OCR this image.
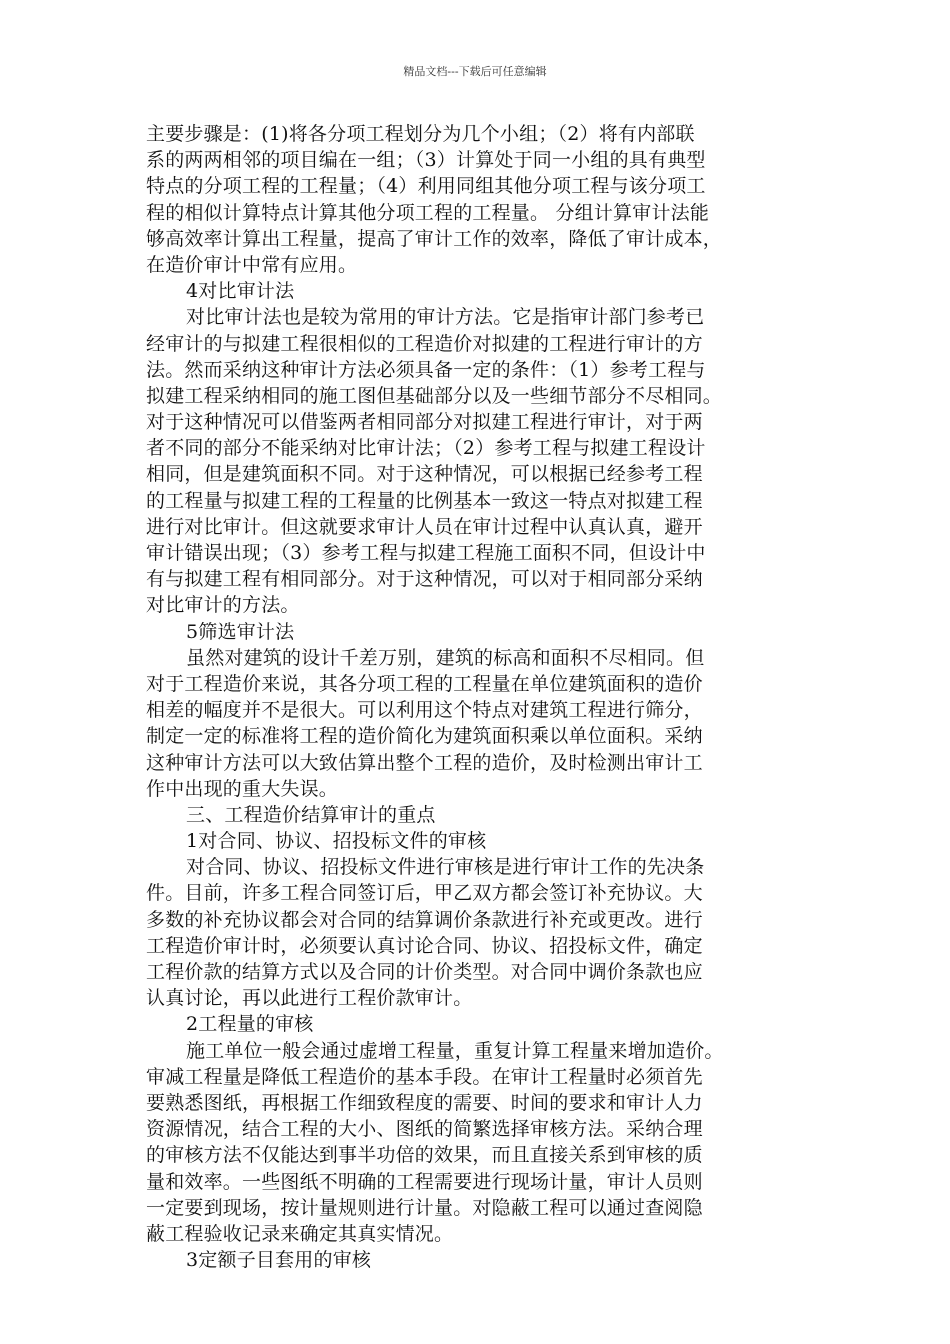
精品文档---下载后可任意编辑
主要步骤是：(1)将各分项工程划分为几个小组；（2）将有内部联
系的两两相邻的项目编在一组；（3）计算处于同一小组的具有典型
特点的分项工程的工程量；（4）利用同组其他分项工程与该分项工
程的相似计算特点计算其他分项工程的工程量。 分组计算审计法能
够高效率计算出工程量，提高了审计工作的效率，降低了审计成本，
在造价审计中常有应用。
4对比审计法
对比审计法也是较为常用的审计方法。它是指审计部门参考已
经审计的与拟建工程很相似的工程造价对拟建的工程进行审计的方
法。然而采纳这种审计方法必须具备一定的条件：（1）参考工程与
拟建工程采纳相同的施工图但基础部分以及一些细节部分不尽相同。
对于这种情况可以借鉴两者相同部分对拟建工程进行审计，对于两
者不同的部分不能采纳对比审计法；（2）参考工程与拟建工程设计
相同，但是建筑面积不同。对于这种情况，可以根据已经参考工程
的工程量与拟建工程的工程量的比例基本一致这一特点对拟建工程
进行对比审计。但这就要求审计人员在审计过程中认真认真，避开
审计错误出现；（3）参考工程与拟建工程施工面积不同，但设计中
有与拟建工程有相同部分。对于这种情况，可以对于相同部分采纳
对比审计的方法。
5筛选审计法
虽然对建筑的设计千差万别，建筑的标高和面积不尽相同。但
对于工程造价来说，其各分项工程的工程量在单位建筑面积的造价
相差的幅度并不是很大。可以利用这个特点对建筑工程进行筛分，
制定一定的标准将工程的造价简化为建筑面积乘以单位面积。采纳
这种审计方法可以大致估算出整个工程的造价，及时检测出审计工
作中出现的重大失误。
三、工程造价结算审计的重点
1对合同、协议、招投标文件的审核
对合同、协议、招投标文件进行审核是进行审计工作的先决条
件。目前，许多工程合同签订后，甲乙双方都会签订补充协议。大
多数的补充协议都会对合同的结算调价条款进行补充或更改。进行
工程造价审计时，必须要认真讨论合同、协议、招投标文件，确定
工程价款的结算方式以及合同的计价类型。对合同中调价条款也应
认真讨论，再以此进行工程价款审计。
2工程量的审核
施工单位一般会通过虚增工程量，重复计算工程量来增加造价。
审减工程量是降低工程造价的基本手段。在审计工程量时必须首先
要熟悉图纸，再根据工作细致程度的需要、时间的要求和审计人力
资源情况，结合工程的大小、图纸的简繁选择审核方法。采纳合理
的审核方法不仅能达到事半功倍的效果，而且直接关系到审核的质
量和效率。一些图纸不明确的工程需要进行现场计量，审计人员则
一定要到现场，按计量规则进行计量。对隐蔽工程可以通过查阅隐
蔽工程验收记录来确定其真实情况。
3定额子目套用的审核
